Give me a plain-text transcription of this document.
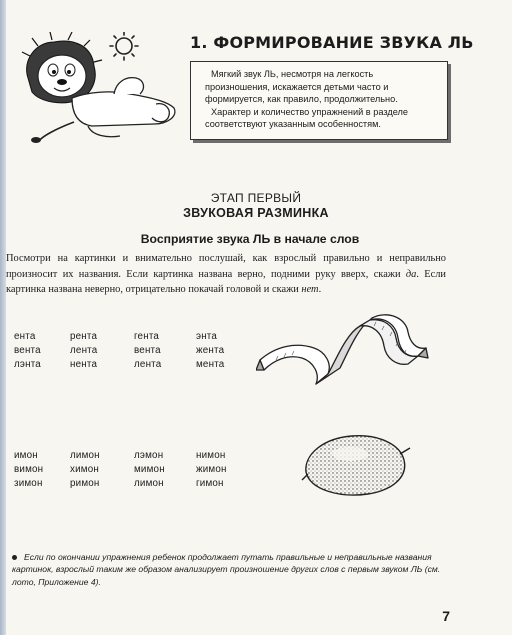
1. ФОРМИРОВАНИЕ ЗВУКА ЛЬ

Мягкий звук ЛЬ, несмотря на легкость произношения, искажается детьми часто и формируется, как правило, продолжительно.

Характер и количество упражнений в разделе соответствуют указанным особенностям.

ЭТАП ПЕРВЫЙ
ЗВУКОВАЯ РАЗМИНКА
Восприятие звука ЛЬ в начале слов

Посмотри на картинки и внимательно послушай, как взрослый правильно и неправильно произносит их названия. Если картинка названа верно, подними руку вверх, скажи да. Если картинка названа неверно, отрицательно покачай головой и скажи нет.

ента	рента	гента	энта
вента	лента	вента	жента
лэнта	нента	лента	мента
имон	лимон	лэмон	нимон
вимон	химон	мимон	жимон
зимон	римон	лимон	гимон

Если по окончании упражнения ребенок продолжает путать правильные и неправильные названия картинок, взрослый таким же образом анализирует произношение других слов с первым звуком ЛЬ (см. лото, Приложение 4).

7
